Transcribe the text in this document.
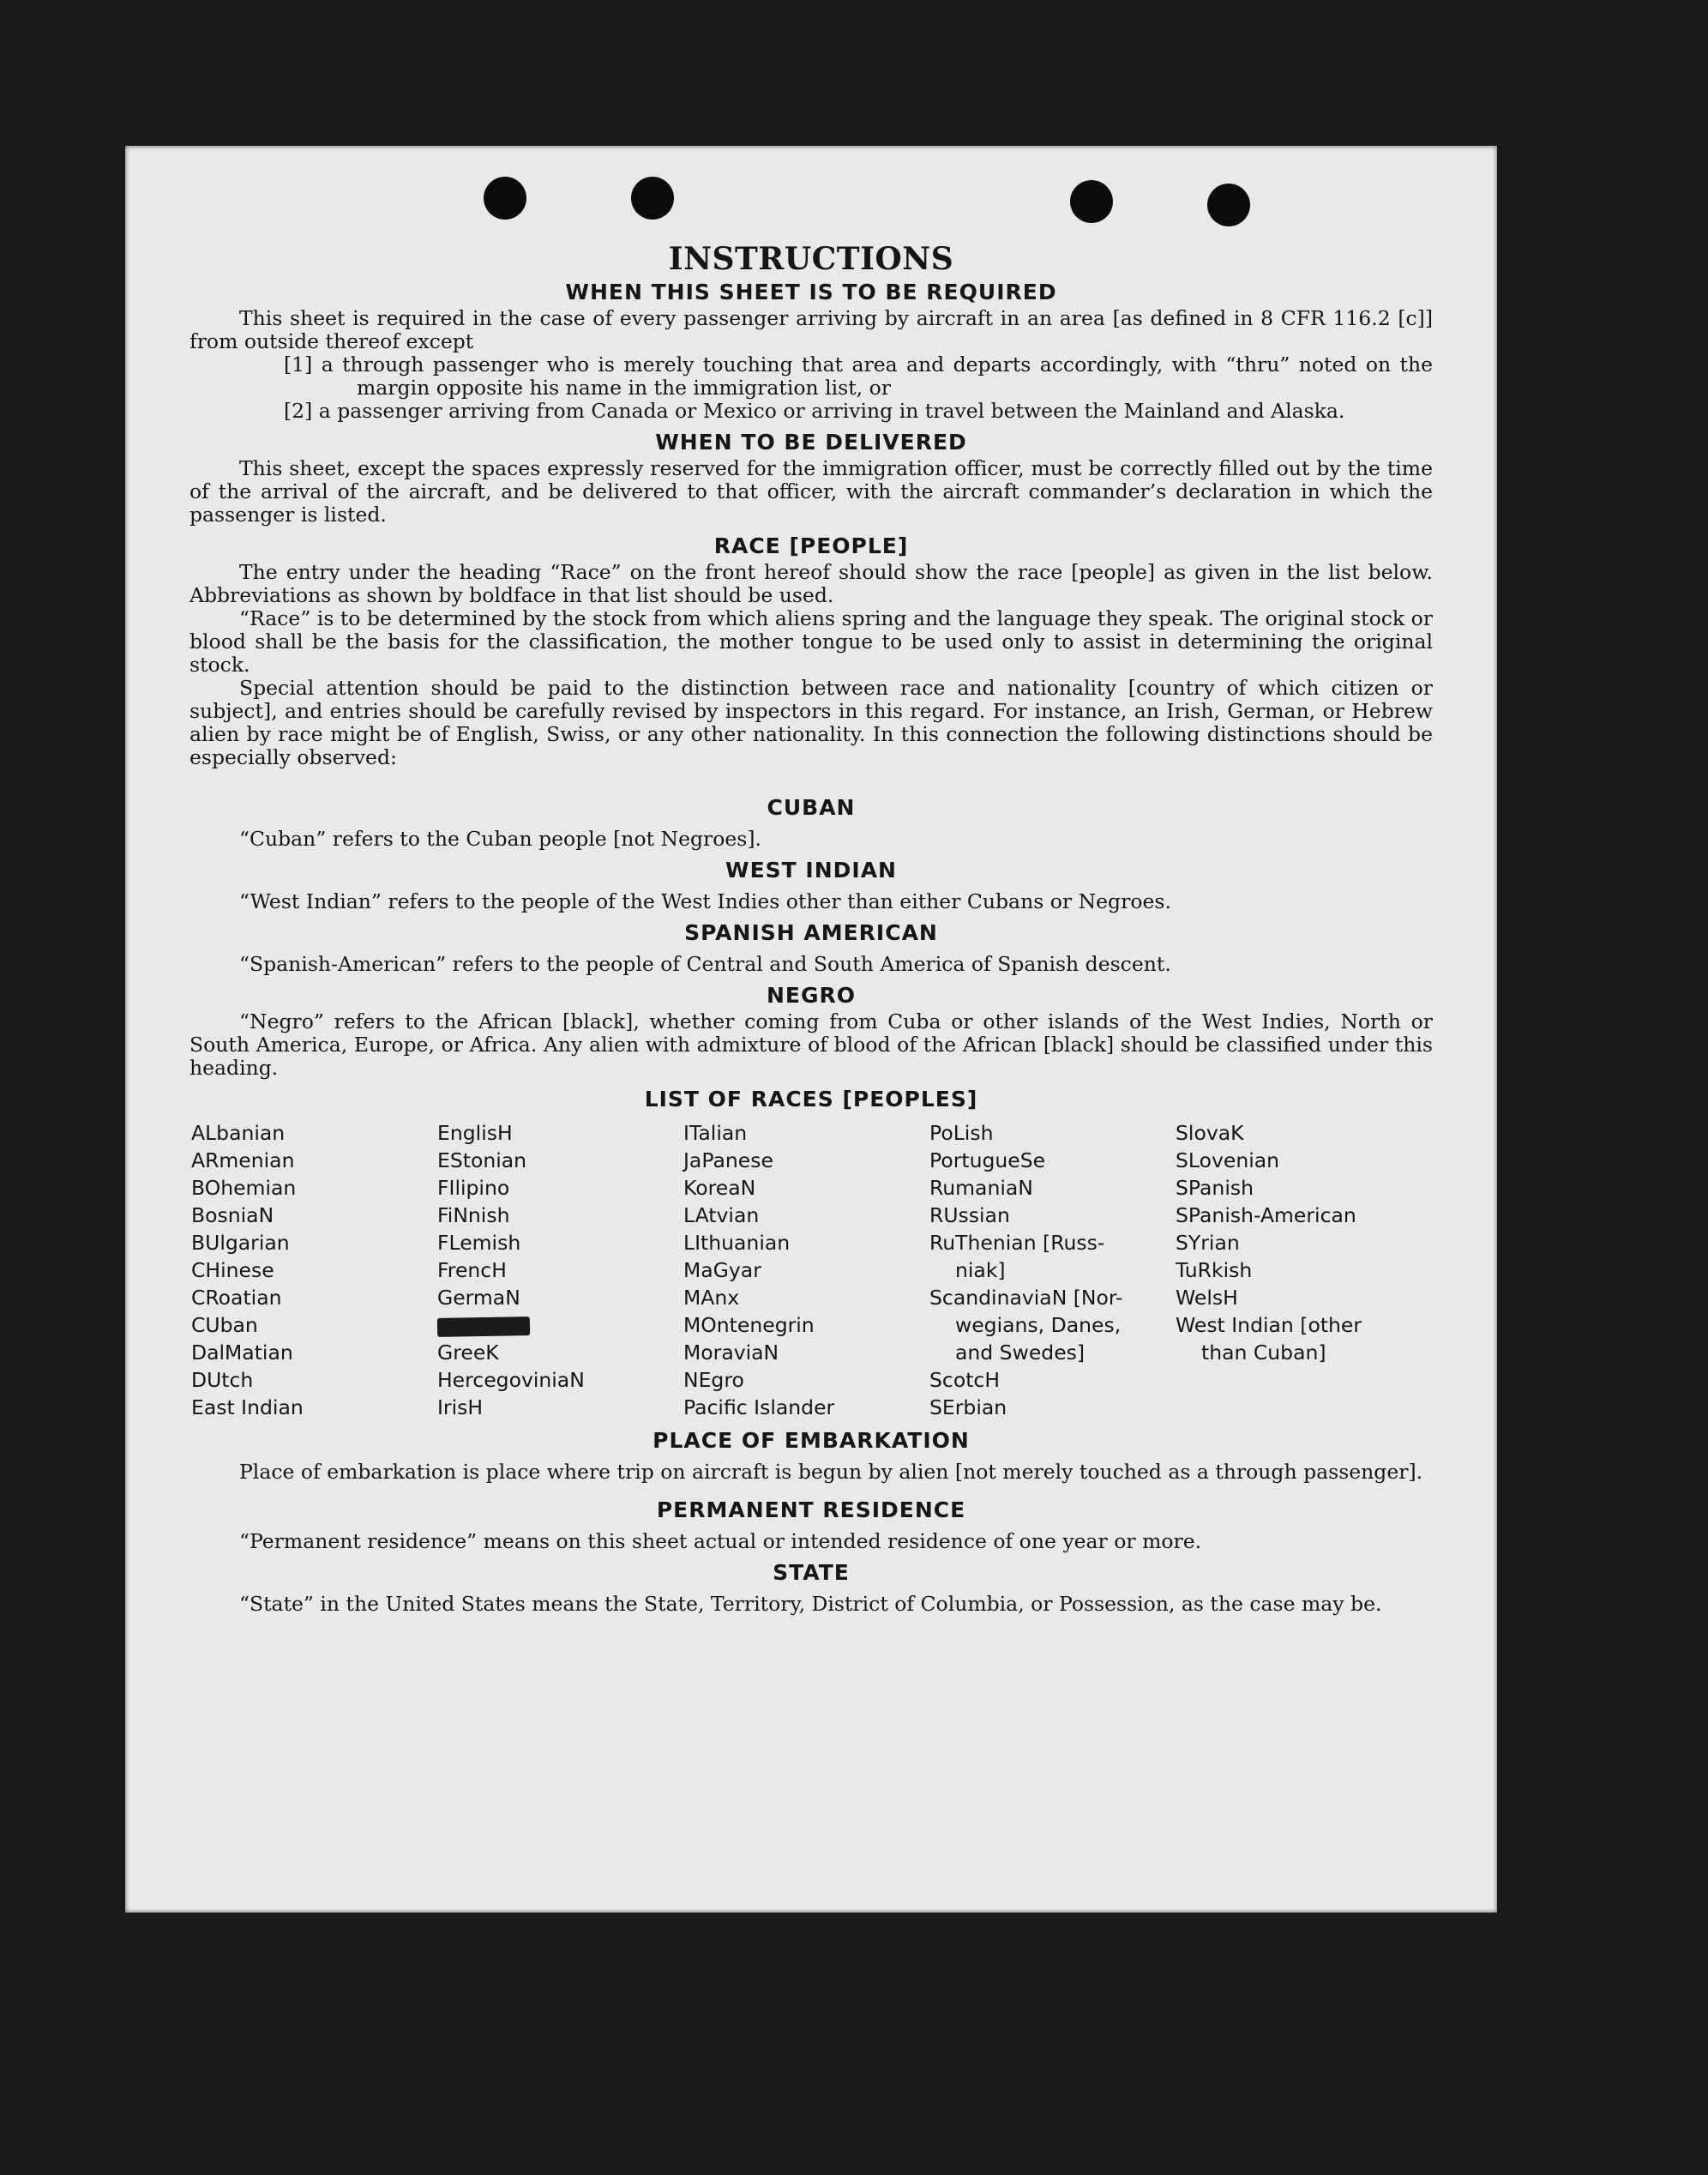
INSTRUCTIONS
WHEN THIS SHEET IS TO BE REQUIRED

This sheet is required in the case of every passenger arriving by aircraft in an area [as defined in 8 CFR 116.2 [c]] from outside thereof except

[1] a through passenger who is merely touching that area and departs accordingly, with “thru” noted on the margin opposite his name in the immigration list, or

[2] a passenger arriving from Canada or Mexico or arriving in travel between the Mainland and Alaska.

WHEN TO BE DELIVERED

This sheet, except the spaces expressly reserved for the immigration officer, must be correctly filled out by the time of the arrival of the aircraft, and be delivered to that officer, with the aircraft commander’s declaration in which the passenger is listed.

RACE [PEOPLE]

The entry under the heading “Race” on the front hereof should show the race [people] as given in the list below. Abbreviations as shown by boldface in that list should be used.

“Race” is to be determined by the stock from which aliens spring and the language they speak. The original stock or blood shall be the basis for the classification, the mother tongue to be used only to assist in determining the original stock.

Special attention should be paid to the distinction between race and nationality [country of which citizen or subject], and entries should be carefully revised by inspectors in this regard. For instance, an Irish, German, or Hebrew alien by race might be of English, Swiss, or any other nationality. In this connection the following distinctions should be especially observed:

CUBAN

“Cuban” refers to the Cuban people [not Negroes].

WEST INDIAN

“West Indian” refers to the people of the West Indies other than either Cubans or Negroes.

SPANISH AMERICAN

“Spanish-American” refers to the people of Central and South America of Spanish descent.

NEGRO

“Negro” refers to the African [black], whether coming from Cuba or other islands of the West Indies, North or South America, Europe, or Africa. Any alien with admixture of blood of the African [black] should be classified under this heading.

LIST OF RACES [PEOPLES]
ALbanian
ARmenian
BOhemian
BosniaN
BUlgarian
CHinese
CRoatian
CUban
DalMatian
DUtch
East Indian
EnglisH
EStonian
FIlipino
FiNnish
FLemish
FrencH
GermaN
GreeK
HercegoviniaN
IrisH
ITalian
JaPanese
KoreaN
LAtvian
LIthuanian
MaGyar
MAnx
MOntenegrin
MoraviaN
NEgro
Pacific Islander
PoLish
PortugueSe
RumaniaN
RUssian
RuThenian [Russ-
niak]
ScandinaviaN [Nor-
wegians, Danes,
and Swedes]
ScotcH
SErbian
SlovaK
SLovenian
SPanish
SPanish-American
SYrian
TuRkish
WelsH
West Indian [other
than Cuban]
PLACE OF EMBARKATION

Place of embarkation is place where trip on aircraft is begun by alien [not merely touched as a through passenger].

PERMANENT RESIDENCE

“Permanent residence” means on this sheet actual or intended residence of one year or more.

STATE

“State” in the United States means the State, Territory, District of Columbia, or Possession, as the case may be.
